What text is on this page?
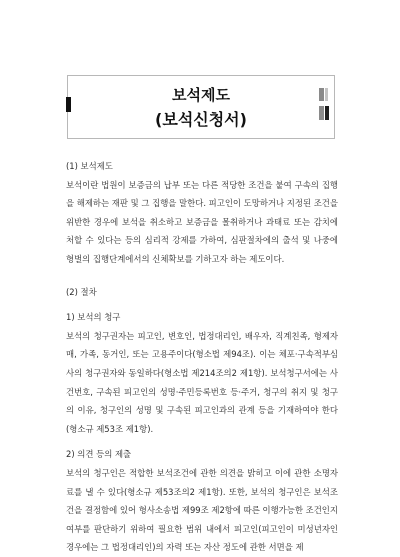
보석제도
(보석신청서)
(1) 보석제도

보석이란 법원이 보증금의 납부 또는 다른 적당한 조건을 붙여 구속의 집행을 해제하는 재판 및 그 집행을 말한다. 피고인이 도망하거나 지정된 조건을 위반한 경우에 보석을 취소하고 보증금을 몰취하거나 과태료 또는 감치에 처할 수 있다는 등의 심리적 강제를 가하여, 심판절차에의 출석 및 나중에 형벌의 집행단계에서의 신체확보를 기하고자 하는 제도이다.

(2) 절차
1) 보석의 청구

보석의 청구권자는 피고인, 변호인, 법정대리인, 배우자, 직계친족, 형제자매, 가족, 동거인, 또는 고용주이다(형소법 제94조). 이는 체포·구속적부심사의 청구권자와 동일하다(형소법 제214조의2 제1항). 보석청구서에는 사건번호, 구속된 피고인의 성명·주민등록번호 등·주거, 청구의 취지 및 청구의 이유, 청구인의 성명 및 구속된 피고인과의 관계 등을 기재하여야 한다(형소규 제53조 제1항).

2) 의견 등의 제출

보석의 청구인은 적합한 보석조건에 관한 의견을 밝히고 이에 관한 소명자료를 낼 수 있다(형소규 제53조의2 제1항). 또한, 보석의 청구인은 보석조건을 결정함에 있어 형사소송법 제99조 제2항에 따른 이행가능한 조건인지 여부를 판단하기 위하여 필요한 범위 내에서 피고인(피고인이 미성년자인 경우에는 그 법정대리인)의 자력 또는 자산 정도에 관한 서면을 제
